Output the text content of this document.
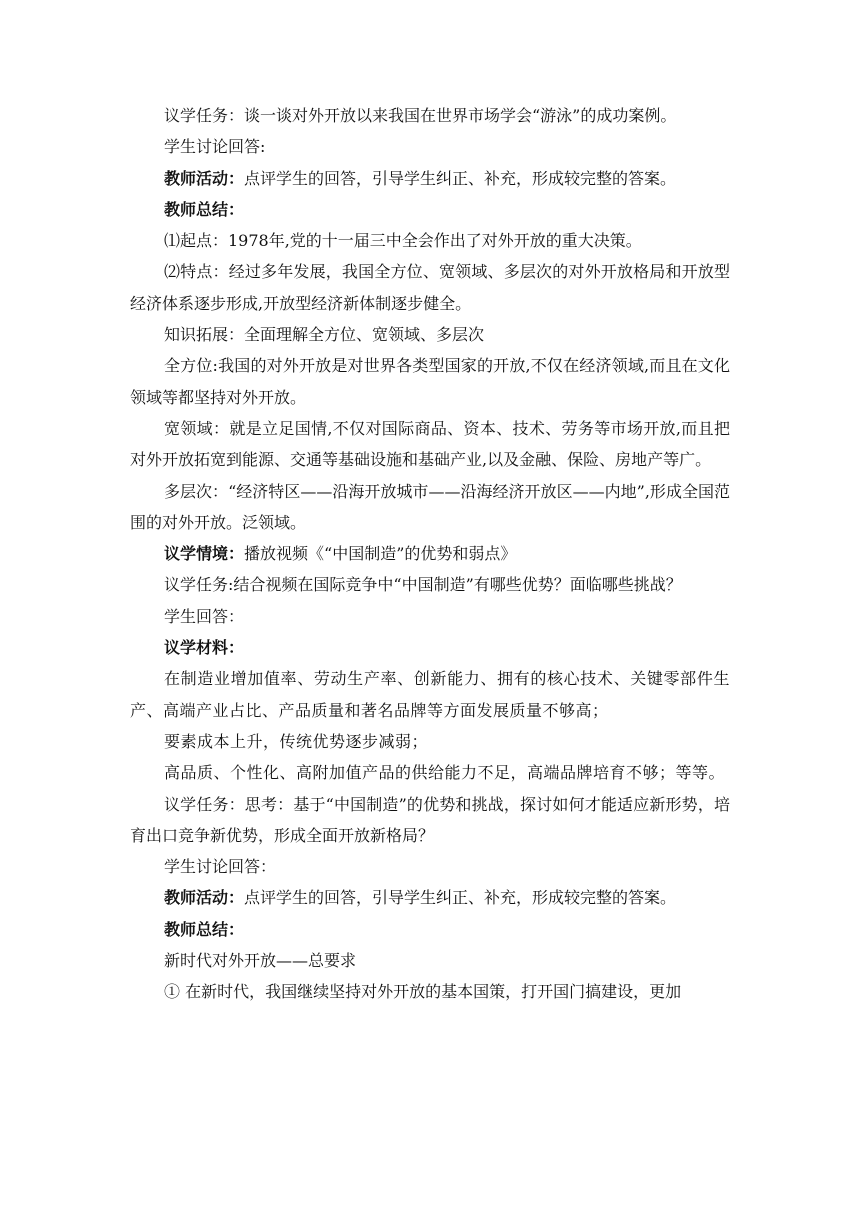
议学任务：谈一谈对外开放以来我国在世界市场学会“游泳”的成功案例。

学生讨论回答:

教师活动：点评学生的回答，引导学生纠正、补充，形成较完整的答案。

教师总结：

⑴起点：1978年,党的十一届三中全会作出了对外开放的重大决策。

⑵特点：经过多年发展，我国全方位、宽领域、多层次的对外开放格局和开放型经济体系逐步形成,开放型经济新体制逐步健全。

知识拓展：全面理解全方位、宽领域、多层次

全方位:我国的对外开放是对世界各类型国家的开放,不仅在经济领域,而且在文化领域等都坚持对外开放。

宽领域：就是立足国情,不仅对国际商品、资本、技术、劳务等市场开放,而且把对外开放拓宽到能源、交通等基础设施和基础产业,以及金融、保险、房地产等广。

多层次：“经济特区——沿海开放城市——沿海经济开放区——内地”,形成全国范围的对外开放。泛领域。

议学情境：播放视频《“中国制造”的优势和弱点》

议学任务:结合视频在国际竞争中“中国制造”有哪些优势？面临哪些挑战？

学生回答：

议学材料：

在制造业增加值率、劳动生产率、创新能力、拥有的核心技术、关键零部件生产、高端产业占比、产品质量和著名品牌等方面发展质量不够高；

要素成本上升，传统优势逐步减弱；

高品质、个性化、高附加值产品的供给能力不足，高端品牌培育不够；等等。

议学任务：思考：基于“中国制造”的优势和挑战，探讨如何才能适应新形势，培育出口竞争新优势，形成全面开放新格局？

学生讨论回答：

教师活动：点评学生的回答，引导学生纠正、补充，形成较完整的答案。

教师总结：

新时代对外开放——总要求

① 在新时代，我国继续坚持对外开放的基本国策，打开国门搞建设，更加
